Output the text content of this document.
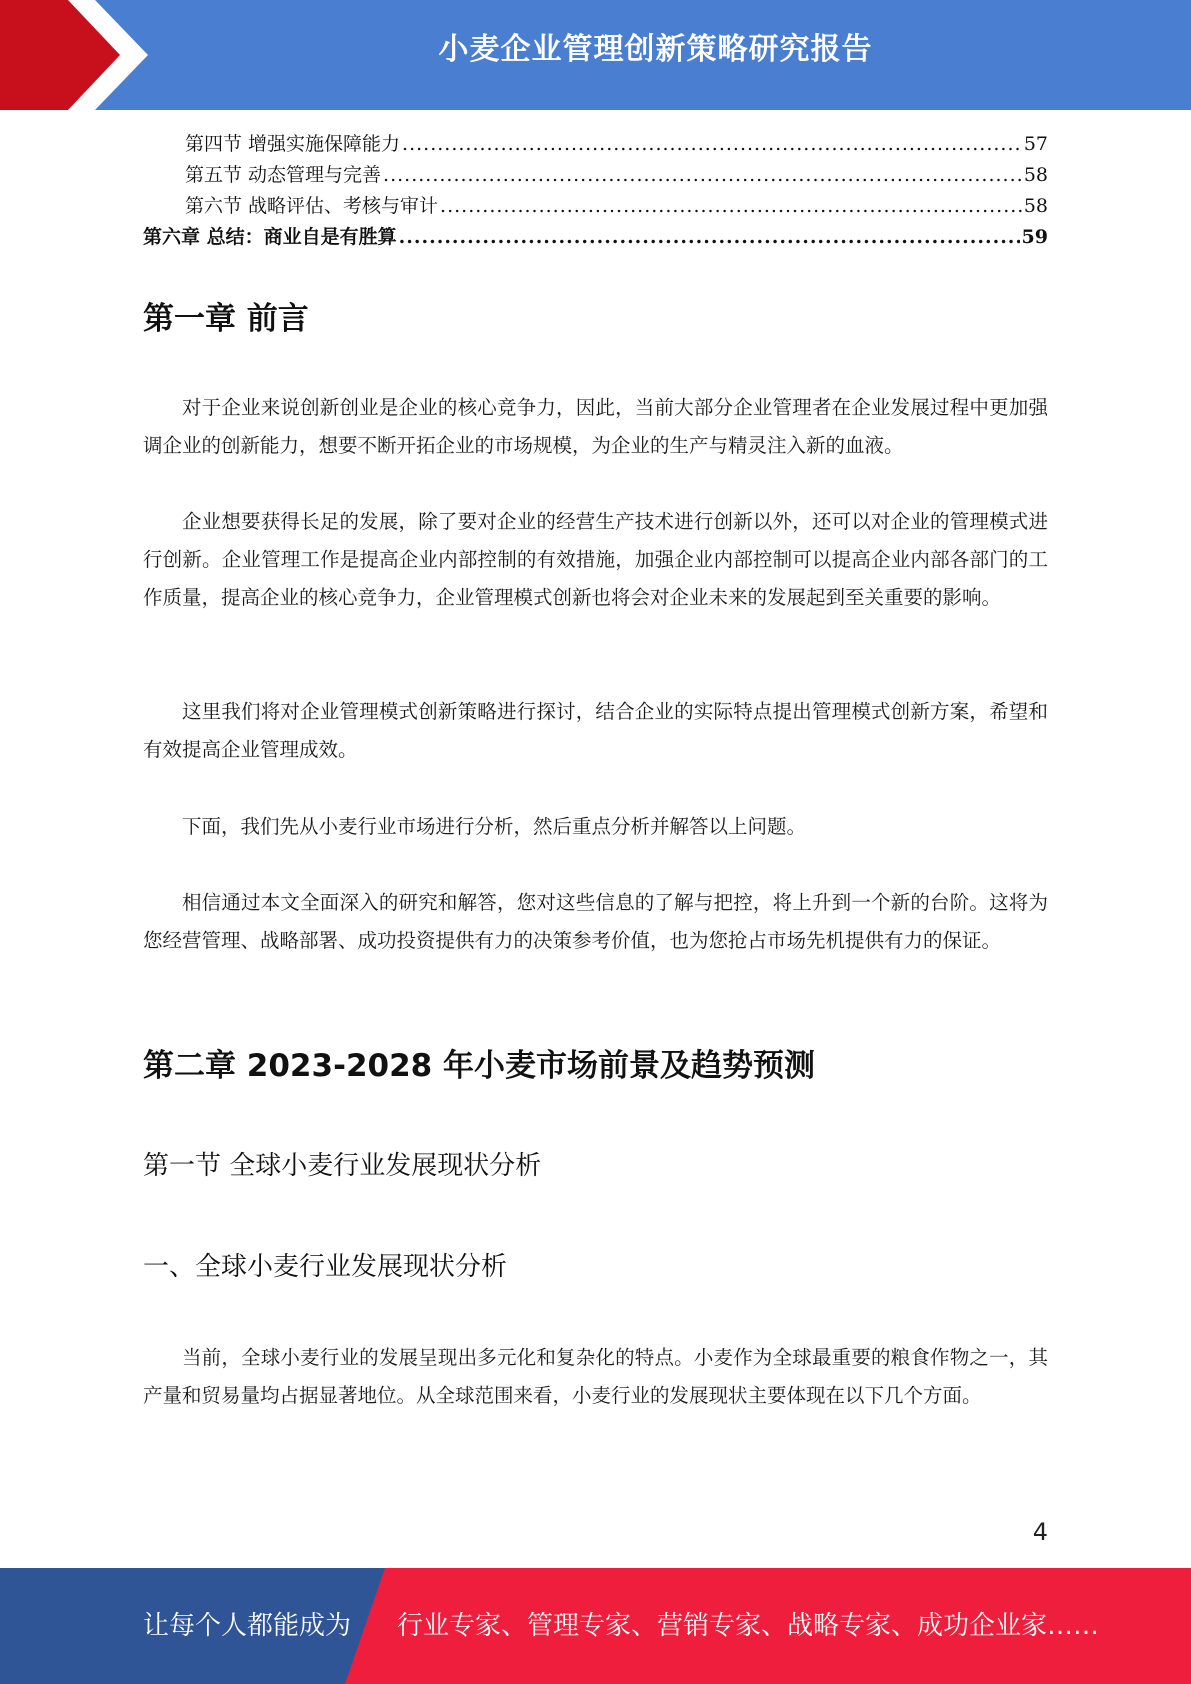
小麦企业管理创新策略研究报告
第四节 增强实施保障能力 .....	57
第五节 动态管理与完善 .....	58
第六节 战略评估、考核与审计 .....	58
第六章 总结：商业自是有胜算 .....	59
第一章 前言

对于企业来说创新创业是企业的核心竞争力，因此，当前大部分企业管理者在企业发展过程中更加强调企业的创新能力，想要不断开拓企业的市场规模，为企业的生产与精灵注入新的血液。

企业想要获得长足的发展，除了要对企业的经营生产技术进行创新以外，还可以对企业的管理模式进行创新。企业管理工作是提高企业内部控制的有效措施，加强企业内部控制可以提高企业内部各部门的工作质量，提高企业的核心竞争力，企业管理模式创新也将会对企业未来的发展起到至关重要的影响。

这里我们将对企业管理模式创新策略进行探讨，结合企业的实际特点提出管理模式创新方案，希望和有效提高企业管理成效。

下面，我们先从小麦行业市场进行分析，然后重点分析并解答以上问题。

相信通过本文全面深入的研究和解答，您对这些信息的了解与把控，将上升到一个新的台阶。这将为您经营管理、战略部署、成功投资提供有力的决策参考价值，也为您抢占市场先机提供有力的保证。

第二章 2023-2028 年小麦市场前景及趋势预测
第一节 全球小麦行业发展现状分析
一、全球小麦行业发展现状分析

当前，全球小麦行业的发展呈现出多元化和复杂化的特点。小麦作为全球最重要的粮食作物之一，其产量和贸易量均占据显著地位。从全球范围来看，小麦行业的发展现状主要体现在以下几个方面。

4
让每个人都能成为 行业专家、管理专家、营销专家、战略专家、成功企业家……
